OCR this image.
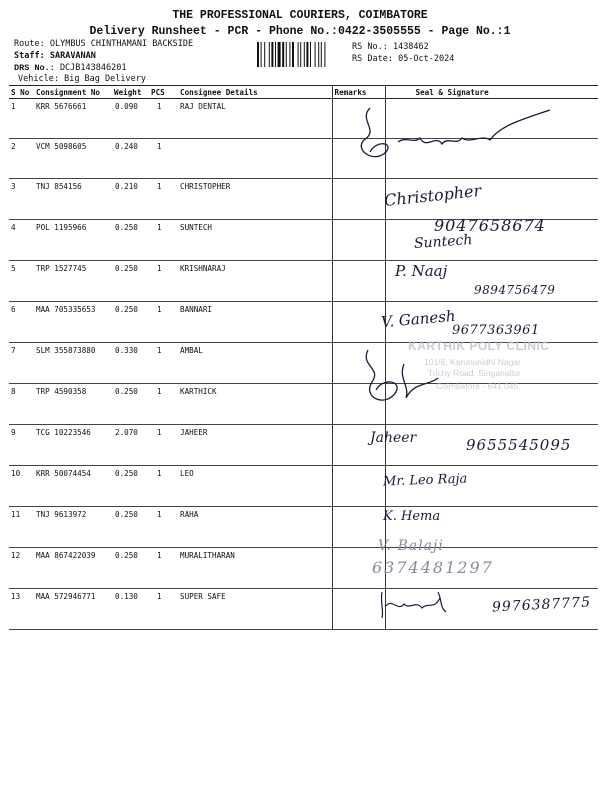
THE PROFESSIONAL COURIERS, COIMBATORE
Delivery Runsheet - PCR - Phone No.:0422-3505555 - Page No.:1
Route: OLYMBUS CHINTHAMANI BACKSIDE
Staff: SARAVANAN
DRS No.: DCJB143846201
Vehicle: Big Bag Delivery
RS No.: 1438462
RS Date: 05-Oct-2024
S No	Consignment No	Weight	PCS	Consignee Details	Remarks	Seal & Signature
1	KRR 5676661	0.090	1	RAJ DENTAL		
2	VCM 5098605	0.240	1			
3	TNJ 854156	0.210	1	CHRISTOPHER		
4	POL 1195966	0.250	1	SUNTECH		
5	TRP 1527745	0.250	1	KRISHNARAJ		
6	MAA 705335653	0.250	1	BANNARI		
7	SLM 355873880	0.330	1	AMBAL		
8	TRP 4590358	0.250	1	KARTHICK		
9	TCG 10223546	2.070	1	JAHEER		
10	KRR 50074454	0.250	1	LEO		
11	TNJ 9613972	0.250	1	RAHA		
12	MAA 867422039	0.250	1	MURALITHARAN		
13	MAA 572946771	0.130	1	SUPER SAFE		
KARTHIK POLY CLINIC
101/6, Karunanidhi Nagar
Trichy Road, Singanallur
Coimbatore - 641 045.
Christopher
9047658674
Suntech
P. Naaj
9894756479
V. Ganesh
9677363961
Jaheer	9655545095
Mr. Leo Raja
K. Hema
V. Balaji
6374481297
9976387775
